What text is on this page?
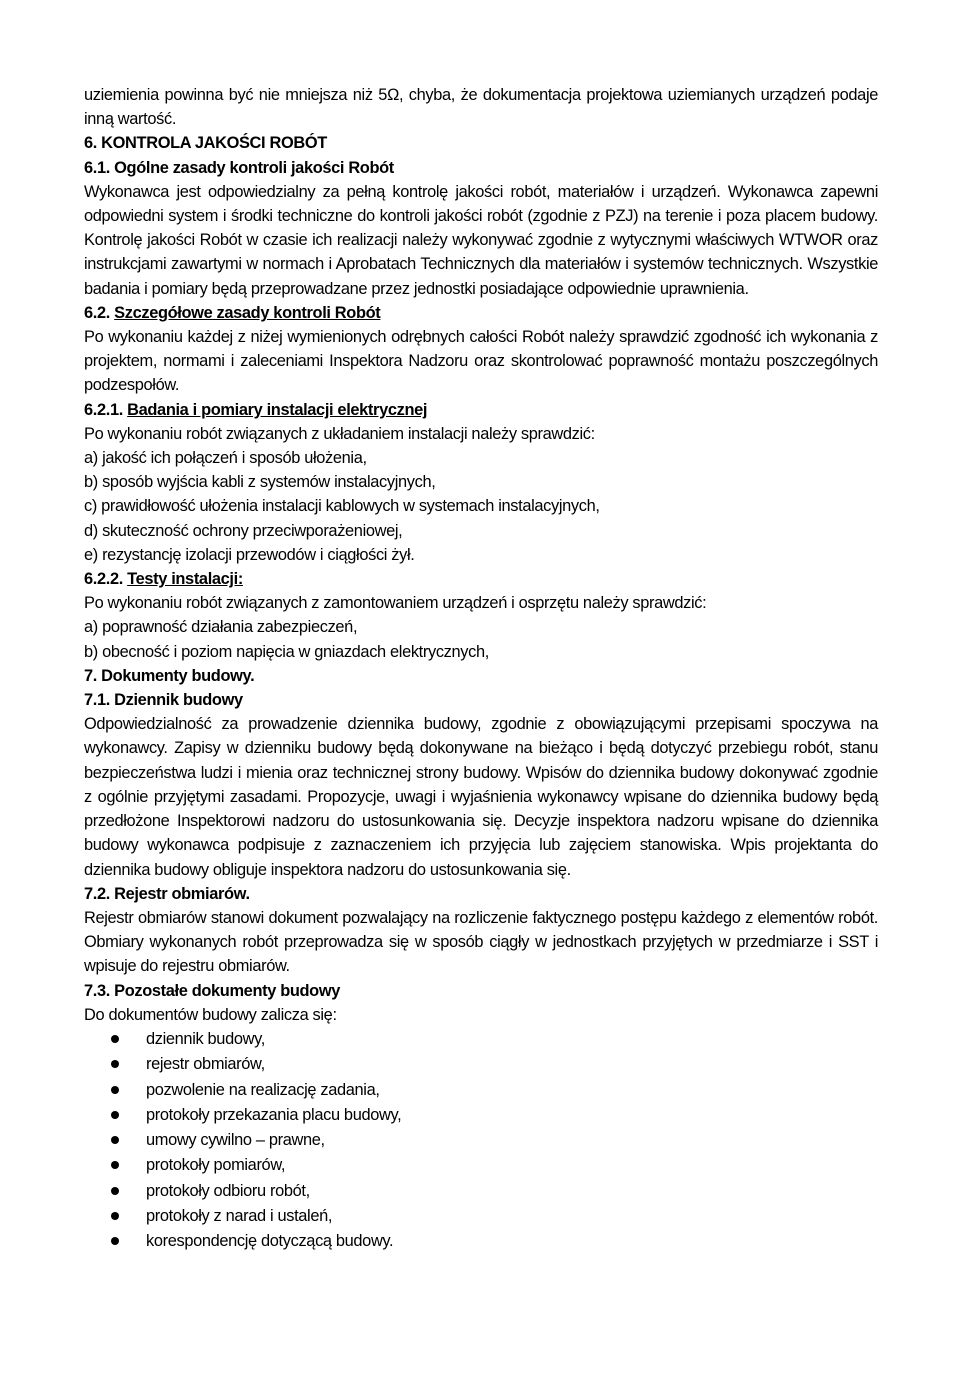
uziemienia powinna być nie mniejsza niż 5Ω, chyba, że dokumentacja projektowa uziemianych urządzeń podaje inną wartość.

6. KONTROLA JAKOŚCI ROBÓT

6.1. Ogólne zasady kontroli jakości Robót

Wykonawca jest odpowiedzialny za pełną kontrolę jakości robót, materiałów i urządzeń. Wykonawca zapewni odpowiedni system i środki techniczne do kontroli jakości robót (zgodnie z PZJ) na terenie i poza placem budowy. Kontrolę jakości Robót w czasie ich realizacji należy wykonywać zgodnie z wytycznymi właściwych WTWOR oraz instrukcjami zawartymi w normach i Aprobatach Technicznych dla materiałów i systemów technicznych. Wszystkie badania i pomiary będą przeprowadzane przez jednostki posiadające odpowiednie uprawnienia.

6.2. Szczegółowe zasady kontroli Robót

Po wykonaniu każdej z niżej wymienionych odrębnych całości Robót należy sprawdzić zgodność ich wykonania z projektem, normami i zaleceniami Inspektora Nadzoru oraz skontrolować poprawność montażu poszczególnych podzespołów.

6.2.1. Badania i pomiary instalacji elektrycznej

Po wykonaniu robót związanych z układaniem instalacji należy sprawdzić:

a) jakość ich połączeń i sposób ułożenia,

b) sposób wyjścia kabli z systemów instalacyjnych,

c) prawidłowość ułożenia instalacji kablowych w systemach instalacyjnych,

d) skuteczność ochrony przeciwporażeniowej,

e) rezystancję izolacji przewodów i ciągłości żył.

6.2.2. Testy instalacji:

Po wykonaniu robót związanych z zamontowaniem urządzeń i osprzętu należy sprawdzić:

a) poprawność działania zabezpieczeń,

b) obecność i poziom napięcia w gniazdach elektrycznych,

7. Dokumenty budowy.

7.1. Dziennik budowy

Odpowiedzialność za prowadzenie dziennika budowy, zgodnie z obowiązującymi przepisami spoczywa na wykonawcy. Zapisy w dzienniku budowy będą dokonywane na bieżąco i będą dotyczyć przebiegu robót, stanu bezpieczeństwa ludzi i mienia oraz technicznej strony budowy. Wpisów do dziennika budowy dokonywać zgodnie z ogólnie przyjętymi zasadami. Propozycje, uwagi i wyjaśnienia wykonawcy wpisane do dziennika budowy będą przedłożone Inspektorowi nadzoru do ustosunkowania się. Decyzje inspektora nadzoru wpisane do dziennika budowy wykonawca podpisuje z zaznaczeniem ich przyjęcia lub zajęciem stanowiska. Wpis projektanta do dziennika budowy obliguje inspektora nadzoru do ustosunkowania się.

7.2. Rejestr obmiarów.

Rejestr obmiarów stanowi dokument pozwalający na rozliczenie faktycznego postępu każdego z elementów robót. Obmiary wykonanych robót przeprowadza się w sposób ciągły w jednostkach przyjętych w przedmiarze i SST i wpisuje do rejestru obmiarów.

7.3. Pozostałe dokumenty budowy

Do dokumentów budowy zalicza się:

dziennik budowy,
rejestr obmiarów,
pozwolenie na realizację zadania,
protokoły przekazania placu budowy,
umowy cywilno – prawne,
protokoły pomiarów,
protokoły odbioru robót,
protokoły z narad i ustaleń,
korespondencję dotyczącą budowy.
